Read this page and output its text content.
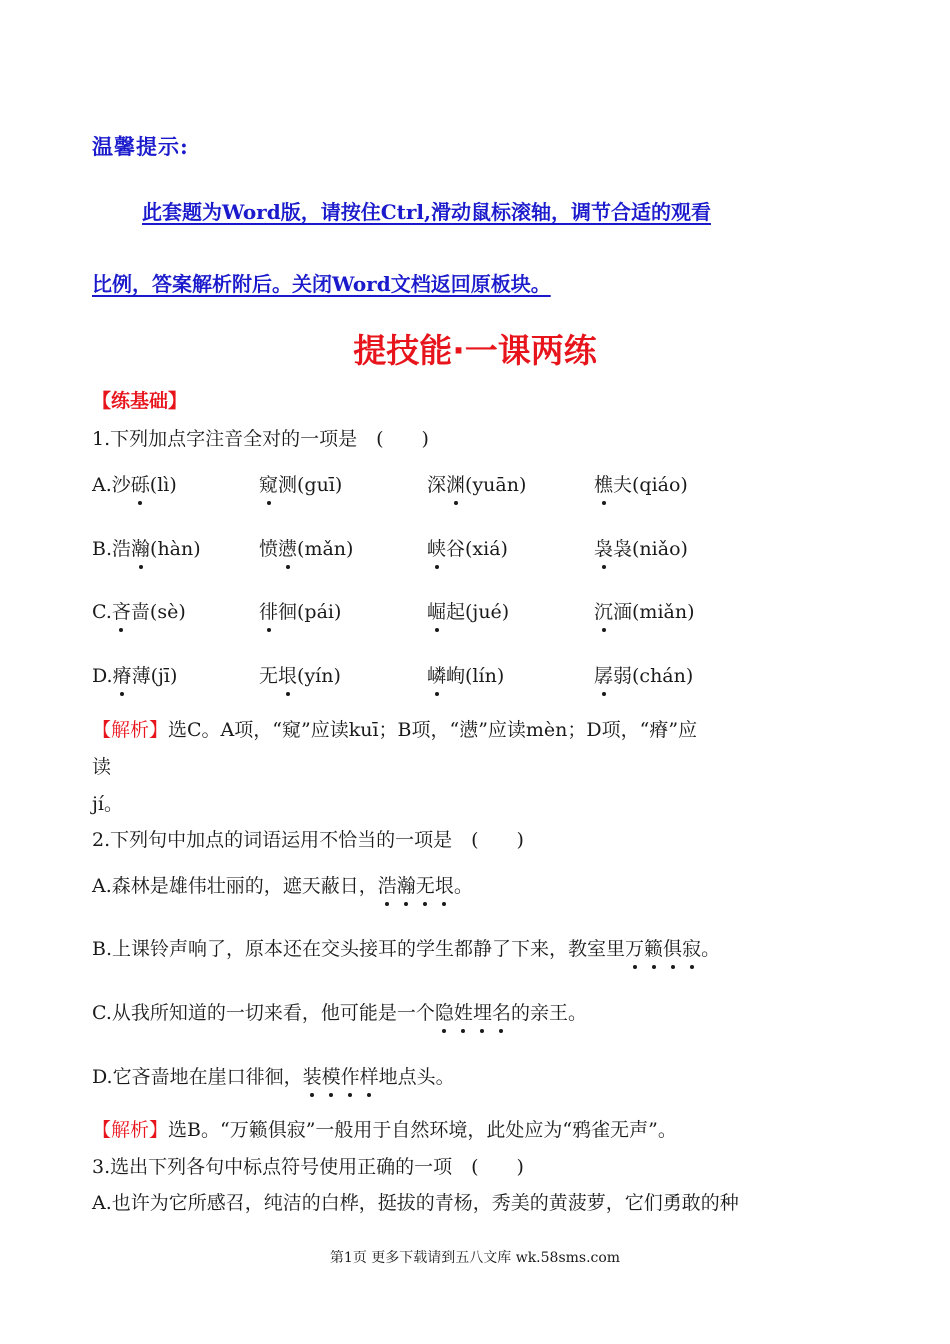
温馨提示:
此套题为Word版，请按住Ctrl,滑动鼠标滚轴，调节合适的观看
比例，答案解析附后。关闭Word文档返回原板块。
提技能·一课两练
【练基础】
1.下列加点字注音全对的一项是　(　　)
A.沙砾(lì)	窥测(guī)	深渊(yuān)	樵夫(qiáo)
B.浩瀚(hàn)	愤懑(mǎn)	峡谷(xiá)	袅袅(niǎo)
C.吝啬(sè)	徘徊(pái)	崛起(jué)	沉湎(miǎn)
D.瘠薄(jī)	无垠(yín)	嶙峋(lín)	孱弱(chán)
【解析】选C。A项，“窥”应读kuī；B项，“懑”应读mèn；D项，“瘠”应
读
jí。
2.下列句中加点的词语运用不恰当的一项是　(　　)
A.森林是雄伟壮丽的，遮天蔽日，浩瀚无垠。
B.上课铃声响了，原本还在交头接耳的学生都静了下来，教室里万籁俱寂。
C.从我所知道的一切来看，他可能是一个隐姓埋名的亲王。
D.它吝啬地在崖口徘徊，装模作样地点头。
【解析】选B。“万籁俱寂”一般用于自然环境，此处应为“鸦雀无声”。
3.选出下列各句中标点符号使用正确的一项　(　　)
A.也许为它所感召，纯洁的白桦，挺拔的青杨，秀美的黄菠萝，它们勇敢的种
第1页 更多下载请到五八文库 wk.58sms.com
